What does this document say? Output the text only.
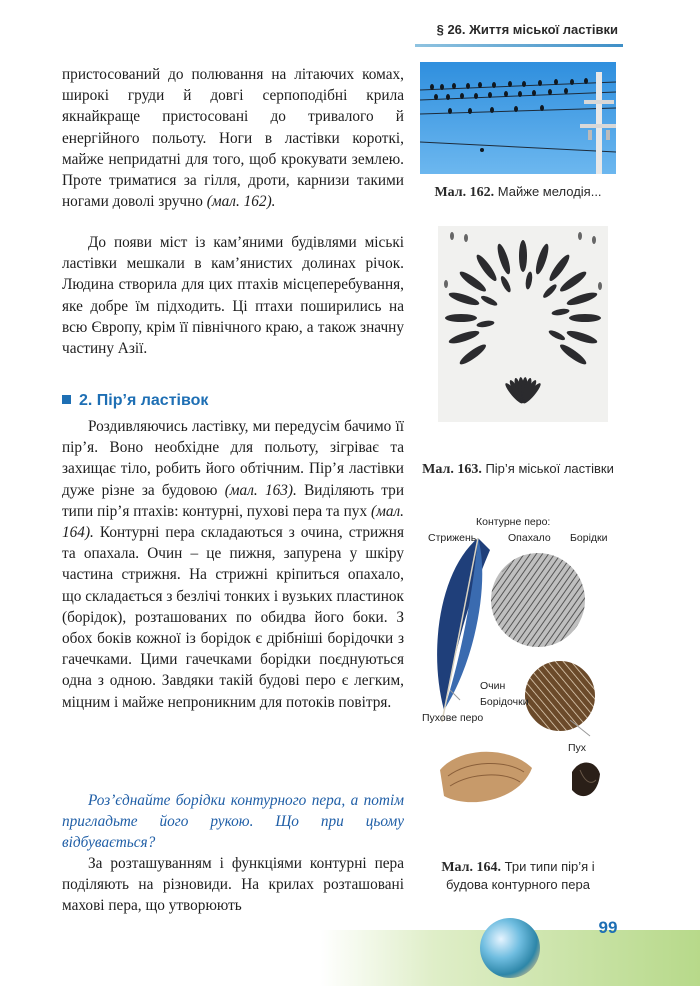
§ 26. Життя міської ластівки

пристосований до полювання на літаючих комах, широкі груди й довгі серпоподібні крила якнайкраще пристосовані до тривалого й енергійного польоту. Ноги в ластівки короткі, майже непридатні для того, щоб крокувати землею. Проте триматися за гілля, дроти, карнизи такими ногами доволі зручно (мал. 162).

До появи міст із кам’яними будівлями міські ластівки мешкали в кам’янистих долинах річок. Людина створила для цих птахів місцеперебування, яке добре їм підходить. Ці птахи поширились на всю Європу, крім її північного краю, а також значну частину Азії.

2. Пір’я ластівок

Роздивляючись ластівку, ми передусім бачимо її пір’я. Воно необхідне для польоту, зігріває та захищає тіло, робить його обтічним. Пір’я ластівки дуже різне за будовою (мал. 163). Виділяють три типи пір’я птахів: контурні, пухові пера та пух (мал. 164). Контурні пера складаються з очина, стрижня та опахала. Очин – це пижня, запурена у шкіру частина стрижня. На стрижні кріпиться опахало, що складається з безлічі тонких і вузьких пластинок (борідок), розташованих по обидва його боки. З обох боків кожної із борідок є дрібніші борідочки з гачечками. Цими гачечками борідки поєднуються одна з одною. Завдяки такій будові перо є легким, міцним і майже непроникним для потоків повітря.

Роз’єднайте борідки контурного пера, а потім пригладьте його рукою. Що при цьому відбувається?

За розташуванням і функціями контурні пера поділяють на різновиди. На крилах розташовані махові пера, що утворюють

Мал. 162. Майже мелодія...
Мал. 163. Пір’я міської ластівки
Контурне перо:
Стрижень	Опахало Борідки
Очин
Борідочки
Пухове перо
Пух
Мал. 164. Три типи пір’я і будова контурного пера
99
